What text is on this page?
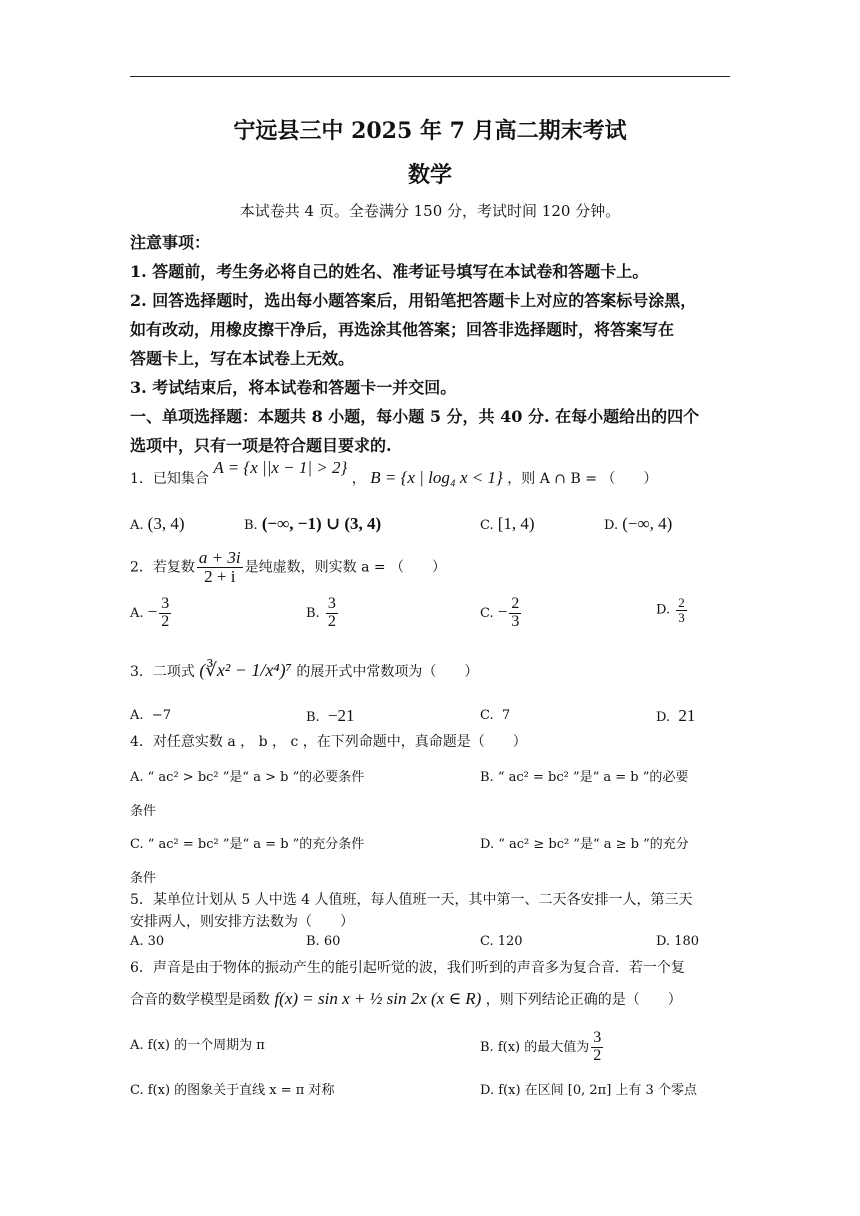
宁远县三中 2025 年 7 月高二期末考试
数学
本试卷共 4 页。全卷满分 150 分，考试时间 120 分钟。
注意事项：
1. 答题前，考生务必将自己的姓名、准考证号填写在本试卷和答题卡上。
2. 回答选择题时，选出每小题答案后，用铅笔把答题卡上对应的答案标号涂黑，
如有改动，用橡皮擦干净后，再选涂其他答案；回答非选择题时，将答案写在
答题卡上，写在本试卷上无效。
3. 考试结束后，将本试卷和答题卡一并交回。
一、单项选择题：本题共 8 小题，每小题 5 分，共 40 分. 在每小题给出的四个
选项中，只有一项是符合题目要求的.
1．已知集合 A = {x ||x − 1| > 2} ， B = {x | log₄ x < 1} ，则 A ∩ B = （　　）
A. (3, 4)	B. (−∞, −1) ∪ (3, 4)	C. [1, 4)	D. (−∞, 4)
2．若复数 $\frac{a + 3i}{2 + i}$ 是纯虚数，则实数 a = （　　）
A. − $\frac{3}{2}$	B. $\frac{3}{2}$	C. − $\frac{2}{3}$	D. $\frac{2}{3}$
3．二项式 (∛x² − 1/x⁴)⁷ 的展开式中常数项为（　　）
A. −7	B. −21	C. 7	D. 21
4．对任意实数 a ， b ， c ，在下列命题中，真命题是（　　）
A. “ ac² > bc² ”是“ a > b ”的必要条件	B. “ ac² = bc² ”是“ a = b ”的必要
条件
C. “ ac² = bc² ”是“ a = b ”的充分条件	D. “ ac² ≥ bc² ”是“ a ≥ b ”的充分
条件
5．某单位计划从 5 人中选 4 人值班，每人值班一天，其中第一、二天各安排一人，第三天
安排两人，则安排方法数为（　　）
A. 30	B. 60	C. 120	D. 180
6．声音是由于物体的振动产生的能引起听觉的波，我们听到的声音多为复合音．若一个复
合音的数学模型是函数 f(x) = sin x + ½ sin 2x (x ∈ R) ，则下列结论正确的是（　　）
A. f(x) 的一个周期为 π	B. f(x) 的最大值为 $\frac{3}{2}$
C. f(x) 的图象关于直线 x = π 对称	D. f(x) 在区间 [0, 2π] 上有 3 个零点
